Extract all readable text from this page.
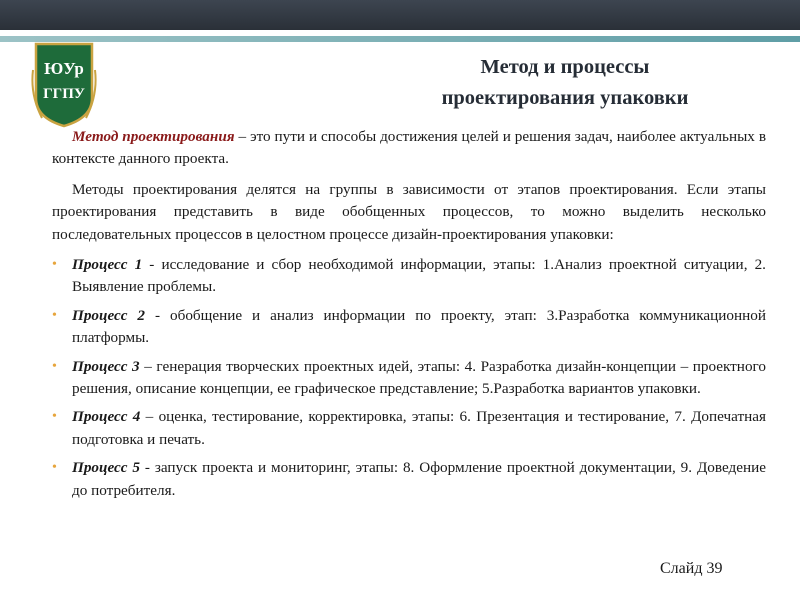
ЮУр
ГГПУ
Метод и процессы
проектирования упаковки

Метод проектирования – это пути и способы достижения целей и решения задач, наиболее актуальных в контексте данного проекта.

Методы проектирования делятся на группы в зависимости от этапов проектирования. Если этапы проектирования представить в виде обобщенных процессов, то можно выделить несколько последовательных процессов в целостном процессе дизайн-проектирования упаковки:

• Процесс 1 - исследование и сбор необходимой информации, этапы: 1.Анализ проектной ситуации, 2. Выявление проблемы.
• Процесс 2 - обобщение и анализ информации по проекту, этап: 3.Разработка коммуникационной платформы.
• Процесс 3 – генерация творческих проектных идей, этапы: 4. Разработка дизайн-концепции – проектного решения, описание концепции, ее графическое представление; 5.Разработка вариантов упаковки.
• Процесс 4 – оценка, тестирование, корректировка, этапы: 6. Презентация и тестирование, 7. Допечатная подготовка и печать.
• Процесс 5 - запуск проекта и мониторинг, этапы: 8. Оформление проектной документации, 9. Доведение до потребителя.
Слайд 39
